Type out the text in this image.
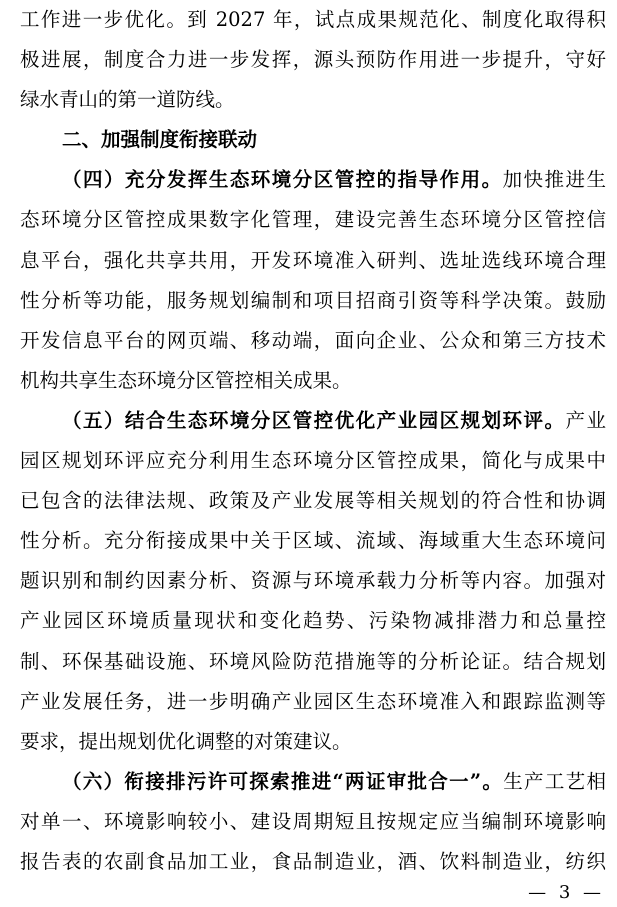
工作进一步优化。到 2027 年，试点成果规范化、制度化取得积
极进展，制度合力进一步发挥，源头预防作用进一步提升，守好
绿水青山的第一道防线。
二、加强制度衔接联动
（四）充分发挥生态环境分区管控的指导作用。加快推进生
态环境分区管控成果数字化管理，建设完善生态环境分区管控信
息平台，强化共享共用，开发环境准入研判、选址选线环境合理
性分析等功能，服务规划编制和项目招商引资等科学决策。鼓励
开发信息平台的网页端、移动端，面向企业、公众和第三方技术
机构共享生态环境分区管控相关成果。
（五）结合生态环境分区管控优化产业园区规划环评。产业
园区规划环评应充分利用生态环境分区管控成果，简化与成果中
已包含的法律法规、政策及产业发展等相关规划的符合性和协调
性分析。充分衔接成果中关于区域、流域、海域重大生态环境问
题识别和制约因素分析、资源与环境承载力分析等内容。加强对
产业园区环境质量现状和变化趋势、污染物减排潜力和总量控
制、环保基础设施、环境风险防范措施等的分析论证。结合规划
产业发展任务，进一步明确产业园区生态环境准入和跟踪监测等
要求，提出规划优化调整的对策建议。
（六）衔接排污许可探索推进“两证审批合一”。生产工艺相
对单一、环境影响较小、建设周期短且按规定应当编制环境影响
报告表的农副食品加工业，食品制造业，酒、饮料制造业，纺织
— 3 —
